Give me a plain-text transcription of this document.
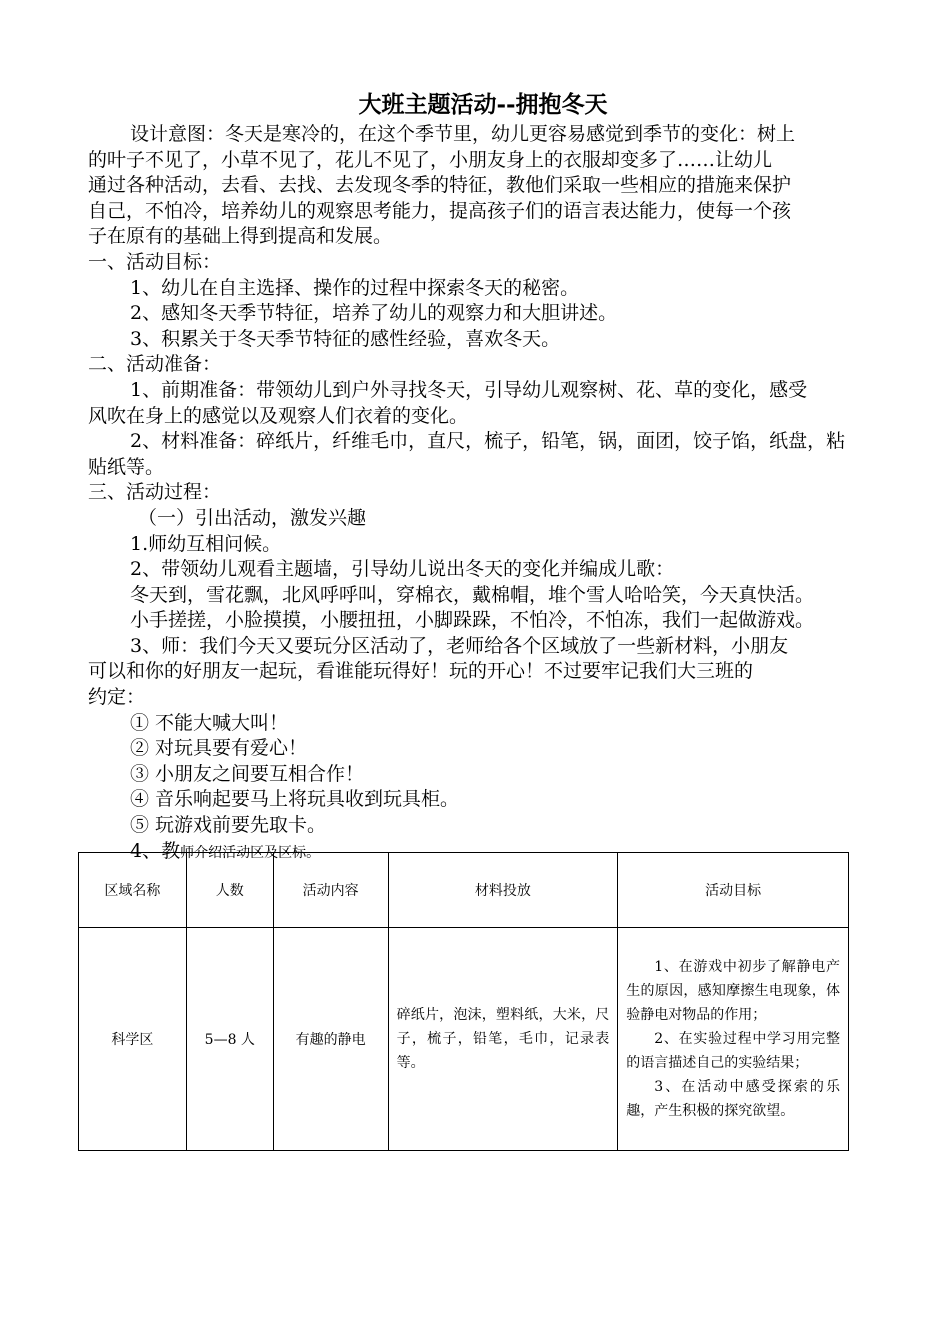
大班主题活动--拥抱冬天

设计意图：冬天是寒冷的，在这个季节里，幼儿更容易感觉到季节的变化：树上

的叶子不见了，小草不见了，花儿不见了，小朋友身上的衣服却变多了……让幼儿

通过各种活动，去看、去找、去发现冬季的特征，教他们采取一些相应的措施来保护

自己，不怕冷，培养幼儿的观察思考能力，提高孩子们的语言表达能力，使每一个孩

子在原有的基础上得到提高和发展。

一、活动目标：

1、幼儿在自主选择、操作的过程中探索冬天的秘密。

2、感知冬天季节特征，培养了幼儿的观察力和大胆讲述。

3、积累关于冬天季节特征的感性经验，喜欢冬天。

二、活动准备：

1、前期准备：带领幼儿到户外寻找冬天，引导幼儿观察树、花、草的变化，感受

风吹在身上的感觉以及观察人们衣着的变化。

2、材料准备：碎纸片，纤维毛巾，直尺，梳子，铅笔，锅，面团，饺子馅，纸盘，粘

贴纸等。

三、活动过程：

（一）引出活动，激发兴趣

1.师幼互相问候。

2、带领幼儿观看主题墙，引导幼儿说出冬天的变化并编成儿歌：

冬天到，雪花飘，北风呼呼叫，穿棉衣，戴棉帽，堆个雪人哈哈笑，今天真快活。

小手搓搓，小脸摸摸，小腰扭扭，小脚跺跺，不怕冷，不怕冻，我们一起做游戏。

3、师：我们今天又要玩分区活动了，老师给各个区域放了一些新材料，小朋友

可以和你的好朋友一起玩，看谁能玩得好！玩的开心！不过要牢记我们大三班的

约定：

① 不能大喊大叫！

② 对玩具要有爱心！

③ 小朋友之间要互相合作！

④ 音乐响起要马上将玩具收到玩具柜。

⑤ 玩游戏前要先取卡。

4、教师介绍活动区及区标。

区域名称	人数	活动内容	材料投放	活动目标
科学区	5—8 人	有趣的静电	碎纸片，泡沫，塑料纸，大米，尺子，梳子，铅笔，毛巾，记录表等。	1、在游戏中初步了解静电产生的原因，感知摩擦生电现象，体验静电对物品的作用；

2、在实验过程中学习用完整的语言描述自己的实验结果；

3、在活动中感受探索的乐趣，产生积极的探究欲望。
